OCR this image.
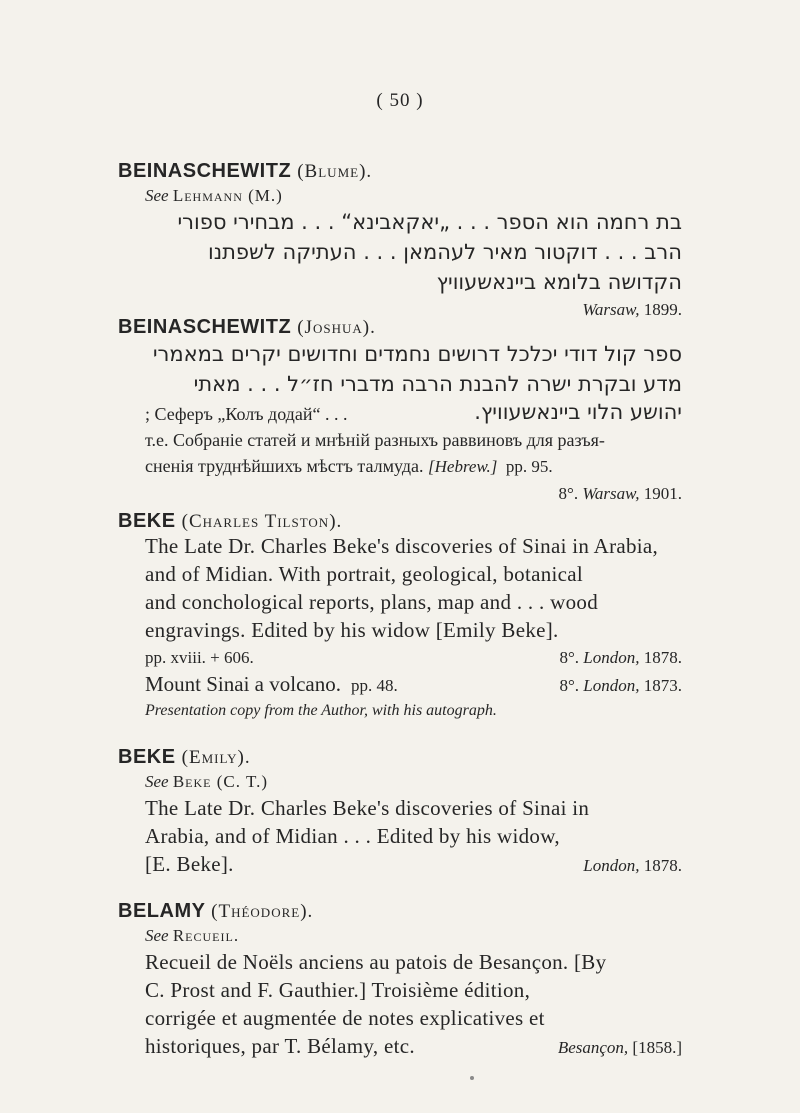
( 50 )
BEINASCHEWITZ (Blume).
See Lehmann (M.)
בת רחמה הוא הספר . . . „יאקאבינא“ . . . מבחירי ספורי
הרב . . . דוקטור מאיר לעהמאן . . . העתיקה לשפתנו
הקדושה בלומא ביינאשעוויץ
Warsaw, 1899.
BEINASCHEWITZ (Joshua).
ספר קול דודי יכלכל דרושים נחמדים וחדושים יקרים במאמרי
מדע ובקרת ישרה להבנת הרבה מדברי חז״ל . . . מאתי
; Сеферъ „Колъ додай“ . . .	יהושע הלוי ביינאשעוויץ.
т.е. Собраніе статей и мнѣній разныхъ раввиновъ для разъя-
сненія труднѣйшихъ мѣстъ талмуда. [Hebrew.] pp. 95.
8°. Warsaw, 1901.
BEKE (Charles Tilston).
The Late Dr. Charles Beke's discoveries of Sinai in Arabia,
and of Midian. With portrait, geological, botanical
and conchological reports, plans, map and . . . wood
engravings. Edited by his widow [Emily Beke].
pp. xviii. + 606.	8°. London, 1878.
Mount Sinai a volcano. pp. 48.	8°. London, 1873.
Presentation copy from the Author, with his autograph.
BEKE (Emily).
See Beke (C. T.)
The Late Dr. Charles Beke's discoveries of Sinai in
Arabia, and of Midian . . . Edited by his widow,
[E. Beke].	London, 1878.
BELAMY (Théodore).
See Recueil.
Recueil de Noëls anciens au patois de Besançon. [By
C. Prost and F. Gauthier.] Troisième édition,
corrigée et augmentée de notes explicatives et
historiques, par T. Bélamy, etc.	Besançon, [1858.]
